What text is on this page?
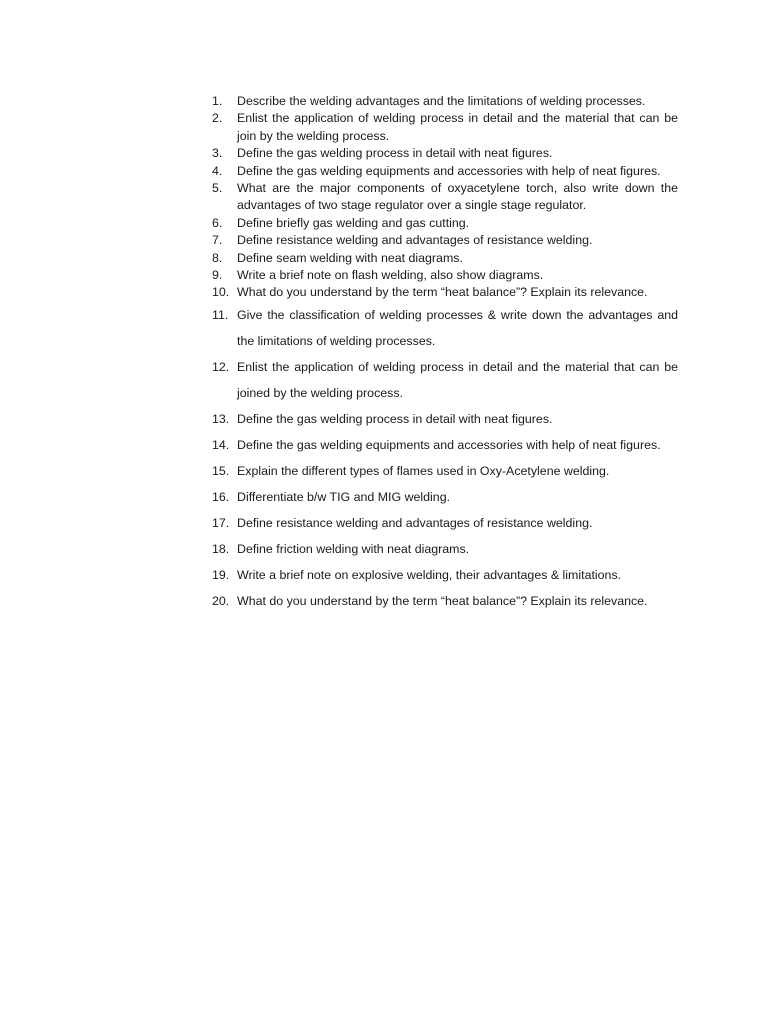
1.	Describe the welding advantages and the limitations of welding processes.
2.	Enlist the application of welding process in detail and the material that can be join by the welding process.
3.	Define the gas welding process in detail with neat figures.
4.	Define the gas welding equipments and accessories with help of neat figures.
5.	What are the major components of oxyacetylene torch, also write down the advantages of two stage regulator over a single stage regulator.
6.	Define briefly gas welding and gas cutting.
7.	Define resistance welding and advantages of resistance welding.
8.	Define seam welding with neat diagrams.
9.	Write a brief note on flash welding, also show diagrams.
10. What do you understand by the term “heat balance”? Explain its relevance.
11. Give the classification of welding processes & write down the advantages and the limitations of welding processes.
12. Enlist the application of welding process in detail and the material that can be joined by the welding process.
13. Define the gas welding process in detail with neat figures.
14. Define the gas welding equipments and accessories with help of neat figures.
15. Explain the different types of flames used in Oxy-Acetylene welding.
16. Differentiate b/w TIG and MIG welding.
17. Define resistance welding and advantages of resistance welding.
18. Define friction welding with neat diagrams.
19. Write a brief note on explosive welding, their advantages & limitations.
20. What do you understand by the term “heat balance”? Explain its relevance.
